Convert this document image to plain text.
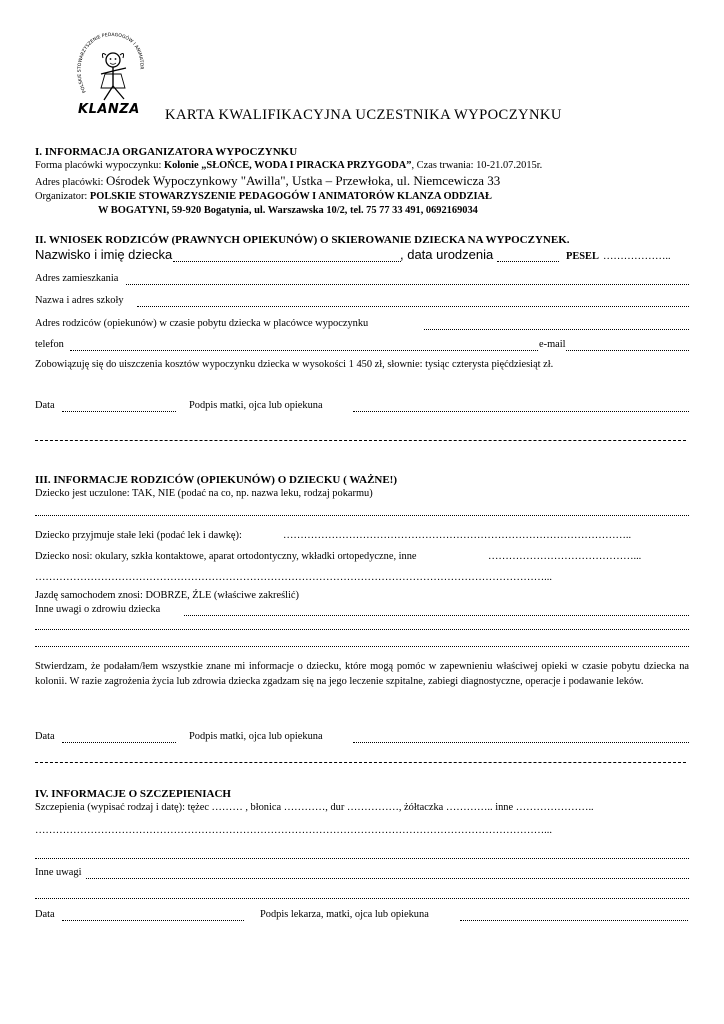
POLSKIE STOWARZYSZENIE PEDAGOGÓW I ANIMATOR
KLANZA KARTA KWALIFIKACYJNA UCZESTNIKA WYPOCZYNKU
I. INFORMACJA ORGANIZATORA WYPOCZYNKU
Forma placówki wypoczynku: Kolonie „SŁOŃCE, WODA I PIRACKA PRZYGODA”, Czas trwania: 10-21.07.2015r.
Adres placówki: Ośrodek Wypoczynkowy "Awilla", Ustka – Przewłoka, ul. Niemcewicza 33
Organizator: POLSKIE STOWARZYSZENIE PEDAGOGÓW I ANIMATORÓW KLANZA ODDZIAŁ
W BOGATYNI, 59-920 Bogatynia, ul. Warszawska 10/2, tel. 75 77 33 491, 0692169034
II. WNIOSEK RODZICÓW (PRAWNYCH OPIEKUNÓW) O SKIEROWANIE DZIECKA NA WYPOCZYNEK.
Nazwisko i imię dziecka	, data urodzenia	PESEL ………………..
Adres zamieszkania
Nazwa i adres szkoły
Adres rodziców (opiekunów) w czasie pobytu dziecka w placówce wypoczynku
telefon	e-mail
Zobowiązuję się do uiszczenia kosztów wypoczynku dziecka w wysokości 1 450 zł, słownie: tysiąc czterysta pięćdziesiąt zł.
Data	Podpis matki, ojca lub opiekuna
III. INFORMACJE RODZICÓW (OPIEKUNÓW) O DZIECKU ( WAŻNE!)
Dziecko jest uczulone: TAK, NIE (podać na co, np. nazwa leku, rodzaj pokarmu)
Dziecko przyjmuje stałe leki (podać lek i dawkę):	………………………………………………………………………………………..
Dziecko nosi: okulary, szkła kontaktowe, aparat ortodontyczny, wkładki ortopedyczne, inne	……………………………………...
…………………………………………………………………………………………………………………………………...
Jazdę samochodem znosi: DOBRZE, ŹLE (właściwe zakreślić)
Inne uwagi o zdrowiu dziecka
Stwierdzam, że podałam/łem wszystkie znane mi informacje o dziecku, które mogą pomóc w zapewnieniu właściwej opieki w czasie pobytu dziecka na kolonii. W razie zagrożenia życia lub zdrowia dziecka zgadzam się na jego leczenie szpitalne, zabiegi diagnostyczne, operacje i podawanie leków.
Data	Podpis matki, ojca lub opiekuna
IV. INFORMACJE O SZCZEPIENIACH
Szczepienia (wypisać rodzaj i datę): tężec ……… , błonica …………, dur ……………, żółtaczka ………….. inne …………………..
…………………………………………………………………………………………………………………………………...
Inne uwagi
Data	Podpis lekarza, matki, ojca lub opiekuna
